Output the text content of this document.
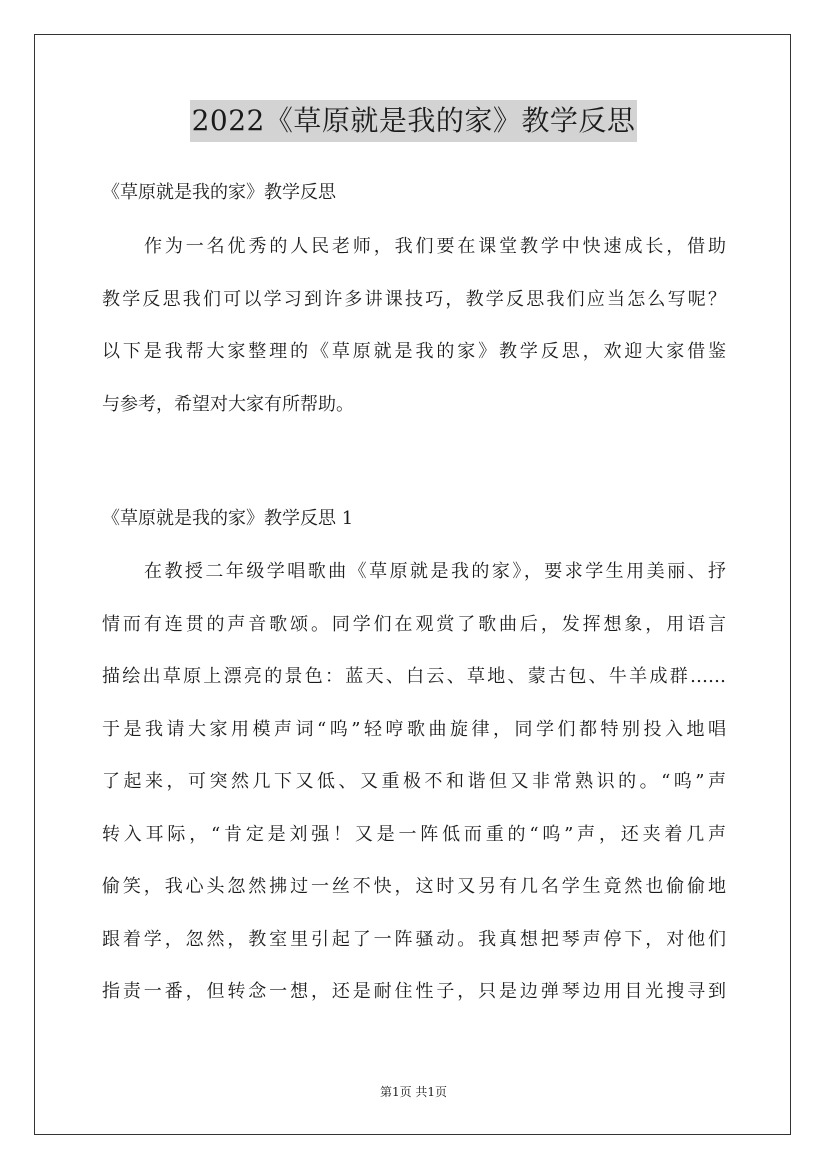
2022《草原就是我的家》教学反思
《草原就是我的家》教学反思
作为一名优秀的人民老师，我们要在课堂教学中快速成长，借助
教学反思我们可以学习到许多讲课技巧，教学反思我们应当怎么写呢？
以下是我帮大家整理的《草原就是我的家》教学反思，欢迎大家借鉴
与参考，希望对大家有所帮助。
《草原就是我的家》教学反思 1
在教授二年级学唱歌曲《草原就是我的家》，要求学生用美丽、抒
情而有连贯的声音歌颂。同学们在观赏了歌曲后，发挥想象，用语言
描绘出草原上漂亮的景色：蓝天、白云、草地、蒙古包、牛羊成群……
于是我请大家用模声词“呜”轻哼歌曲旋律，同学们都特别投入地唱
了起来，可突然几下又低、又重极不和谐但又非常熟识的。“呜”声
转入耳际，“肯定是刘强！又是一阵低而重的“呜”声，还夹着几声
偷笑，我心头忽然拂过一丝不快，这时又另有几名学生竟然也偷偷地
跟着学，忽然，教室里引起了一阵骚动。我真想把琴声停下，对他们
指责一番，但转念一想，还是耐住性子，只是边弹琴边用目光搜寻到
第1页 共1页
